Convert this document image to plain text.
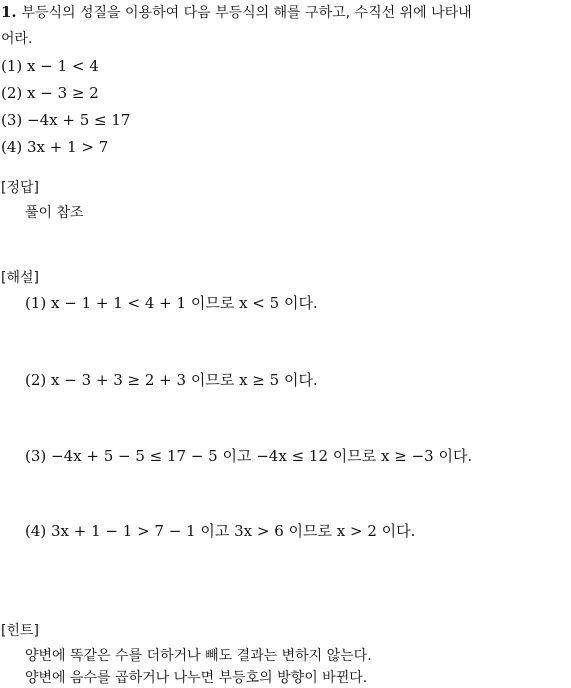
1. 부등식의 성질을 이용하여 다음 부등식의 해를 구하고, 수직선 위에 나타내
어라.
(1) x − 1 < 4
(2) x − 3 ≥ 2
(3) −4x + 5 ≤ 17
(4) 3x + 1 > 7
[정답]
풀이 참조
[해설]
(1) x − 1 + 1 < 4 + 1 이므로 x < 5 이다.
(2) x − 3 + 3 ≥ 2 + 3 이므로 x ≥ 5 이다.
(3) −4x + 5 − 5 ≤ 17 − 5 이고 −4x ≤ 12 이므로 x ≥ −3 이다.
(4) 3x + 1 − 1 > 7 − 1 이고 3x > 6 이므로 x > 2 이다.
[힌트]
양변에 똑같은 수를 더하거나 빼도 결과는 변하지 않는다.
양변에 음수를 곱하거나 나누면 부등호의 방향이 바뀐다.
